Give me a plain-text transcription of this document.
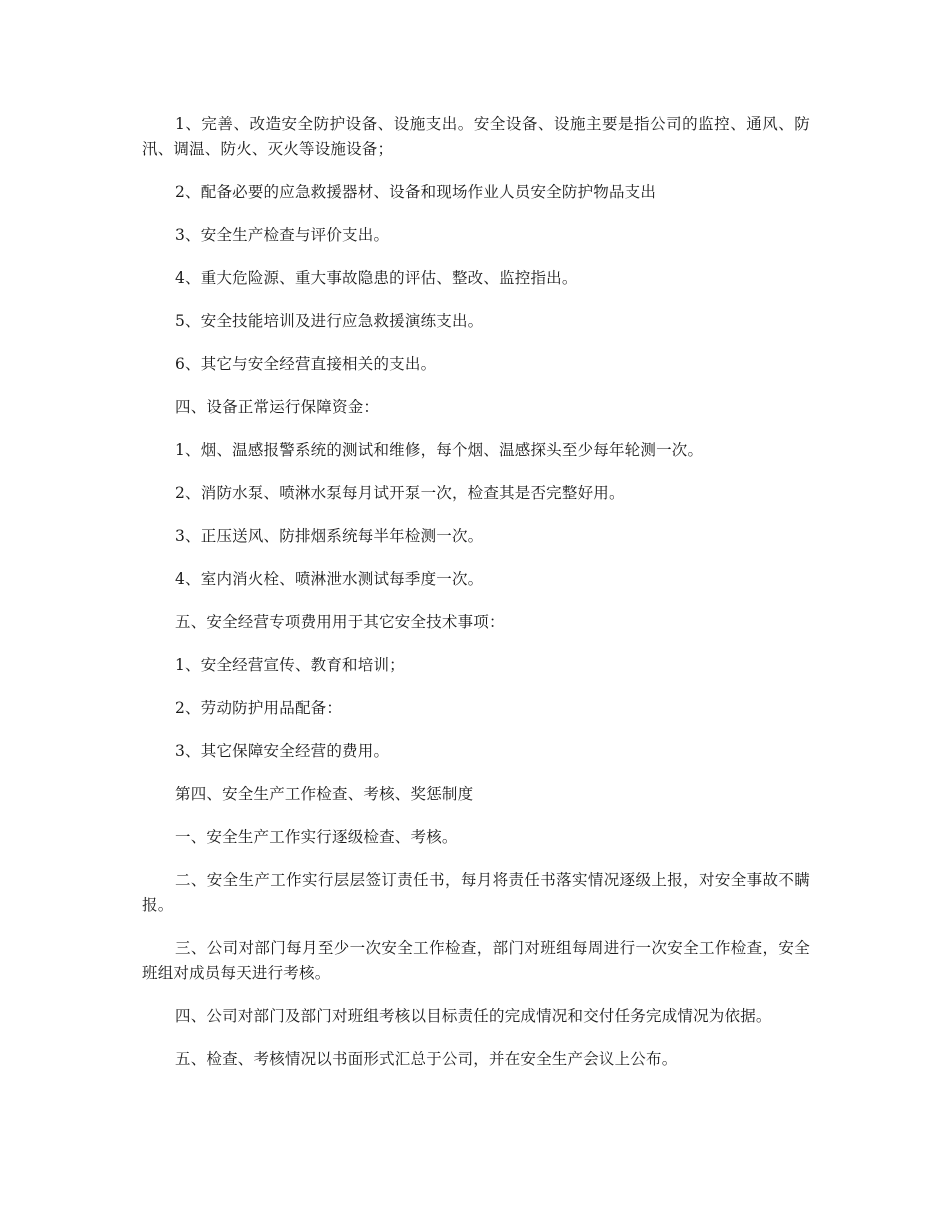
1、完善、改造安全防护设备、设施支出。安全设备、设施主要是指公司的监控、通风、防汛、调温、防火、灭火等设施设备；

2、配备必要的应急救援器材、设备和现场作业人员安全防护物品支出

3、安全生产检查与评价支出。

4、重大危险源、重大事故隐患的评估、整改、监控指出。

5、安全技能培训及进行应急救援演练支出。

6、其它与安全经营直接相关的支出。

四、设备正常运行保障资金：

1、烟、温感报警系统的测试和维修，每个烟、温感探头至少每年轮测一次。

2、消防水泵、喷淋水泵每月试开泵一次，检查其是否完整好用。

3、正压送风、防排烟系统每半年检测一次。

4、室内消火栓、喷淋泄水测试每季度一次。

五、安全经营专项费用用于其它安全技术事项：

1、安全经营宣传、教育和培训；

2、劳动防护用品配备：

3、其它保障安全经营的费用。

第四、安全生产工作检查、考核、奖惩制度

一、安全生产工作实行逐级检查、考核。

二、安全生产工作实行层层签订责任书，每月将责任书落实情况逐级上报，对安全事故不瞒报。

三、公司对部门每月至少一次安全工作检查，部门对班组每周进行一次安全工作检查，安全班组对成员每天进行考核。

四、公司对部门及部门对班组考核以目标责任的完成情况和交付任务完成情况为依据。

五、检查、考核情况以书面形式汇总于公司，并在安全生产会议上公布。
